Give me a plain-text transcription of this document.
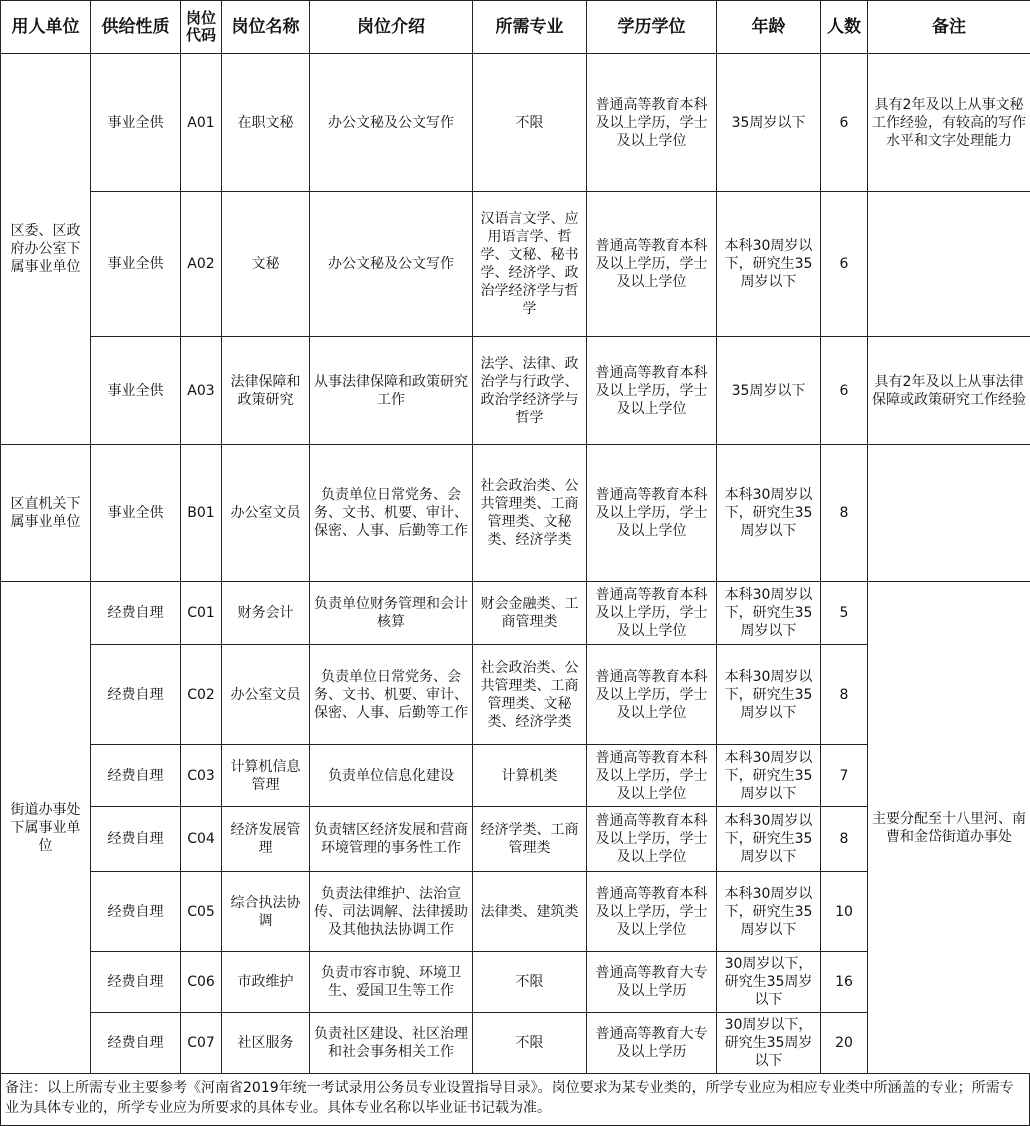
用人单位	供给性质	岗位代码	岗位名称	岗位介绍	所需专业	学历学位	年龄	人数	备注
区委、区政府办公室下属事业单位	事业全供	A01	在职文秘	办公文秘及公文写作	不限	普通高等教育本科及以上学历，学士及以上学位	35周岁以下	6	具有2年及以上从事文秘工作经验，有较高的写作水平和文字处理能力
	事业全供	A02	文秘	办公文秘及公文写作	汉语言文学、应用语言学、哲学、文秘、秘书学、经济学、政治学经济学与哲学	普通高等教育本科及以上学历，学士及以上学位	本科30周岁以下，研究生35周岁以下	6	
	事业全供	A03	法律保障和政策研究	从事法律保障和政策研究工作	法学、法律、政治学与行政学、政治学经济学与哲学	普通高等教育本科及以上学历，学士及以上学位	35周岁以下	6	具有2年及以上从事法律保障或政策研究工作经验
区直机关下属事业单位	事业全供	B01	办公室文员	负责单位日常党务、会务、文书、机要、审计、保密、人事、后勤等工作	社会政治类、公共管理类、工商管理类、文秘类、经济学类	普通高等教育本科及以上学历，学士及以上学位	本科30周岁以下，研究生35周岁以下	8	
街道办事处下属事业单位	经费自理	C01	财务会计	负责单位财务管理和会计核算	财会金融类、工商管理类	普通高等教育本科及以上学历，学士及以上学位	本科30周岁以下，研究生35周岁以下	5	主要分配至十八里河、南曹和金岱街道办事处
	经费自理	C02	办公室文员	负责单位日常党务、会务、文书、机要、审计、保密、人事、后勤等工作	社会政治类、公共管理类、工商管理类、文秘类、经济学类	普通高等教育本科及以上学历，学士及以上学位	本科30周岁以下，研究生35周岁以下	8	
	经费自理	C03	计算机信息管理	负责单位信息化建设	计算机类	普通高等教育本科及以上学历，学士及以上学位	本科30周岁以下，研究生35周岁以下	7	
	经费自理	C04	经济发展管理	负责辖区经济发展和营商环境管理的事务性工作	经济学类、工商管理类	普通高等教育本科及以上学历，学士及以上学位	本科30周岁以下，研究生35周岁以下	8	
	经费自理	C05	综合执法协调	负责法律维护、法治宣传、司法调解、法律援助及其他执法协调工作	法律类、建筑类	普通高等教育本科及以上学历，学士及以上学位	本科30周岁以下，研究生35周岁以下	10	
	经费自理	C06	市政维护	负责市容市貌、环境卫生、爱国卫生等工作	不限	普通高等教育大专及以上学历	30周岁以下，研究生35周岁以下	16	
	经费自理	C07	社区服务	负责社区建设、社区治理和社会事务相关工作	不限	普通高等教育大专及以上学历	30周岁以下，研究生35周岁以下	20	
备注：以上所需专业主要参考《河南省2019年统一考试录用公务员专业设置指导目录》。岗位要求为某专业类的，所学专业应为相应专业类中所涵盖的专业；所需专业为具体专业的，所学专业应为所要求的具体专业。具体专业名称以毕业证书记载为准。
